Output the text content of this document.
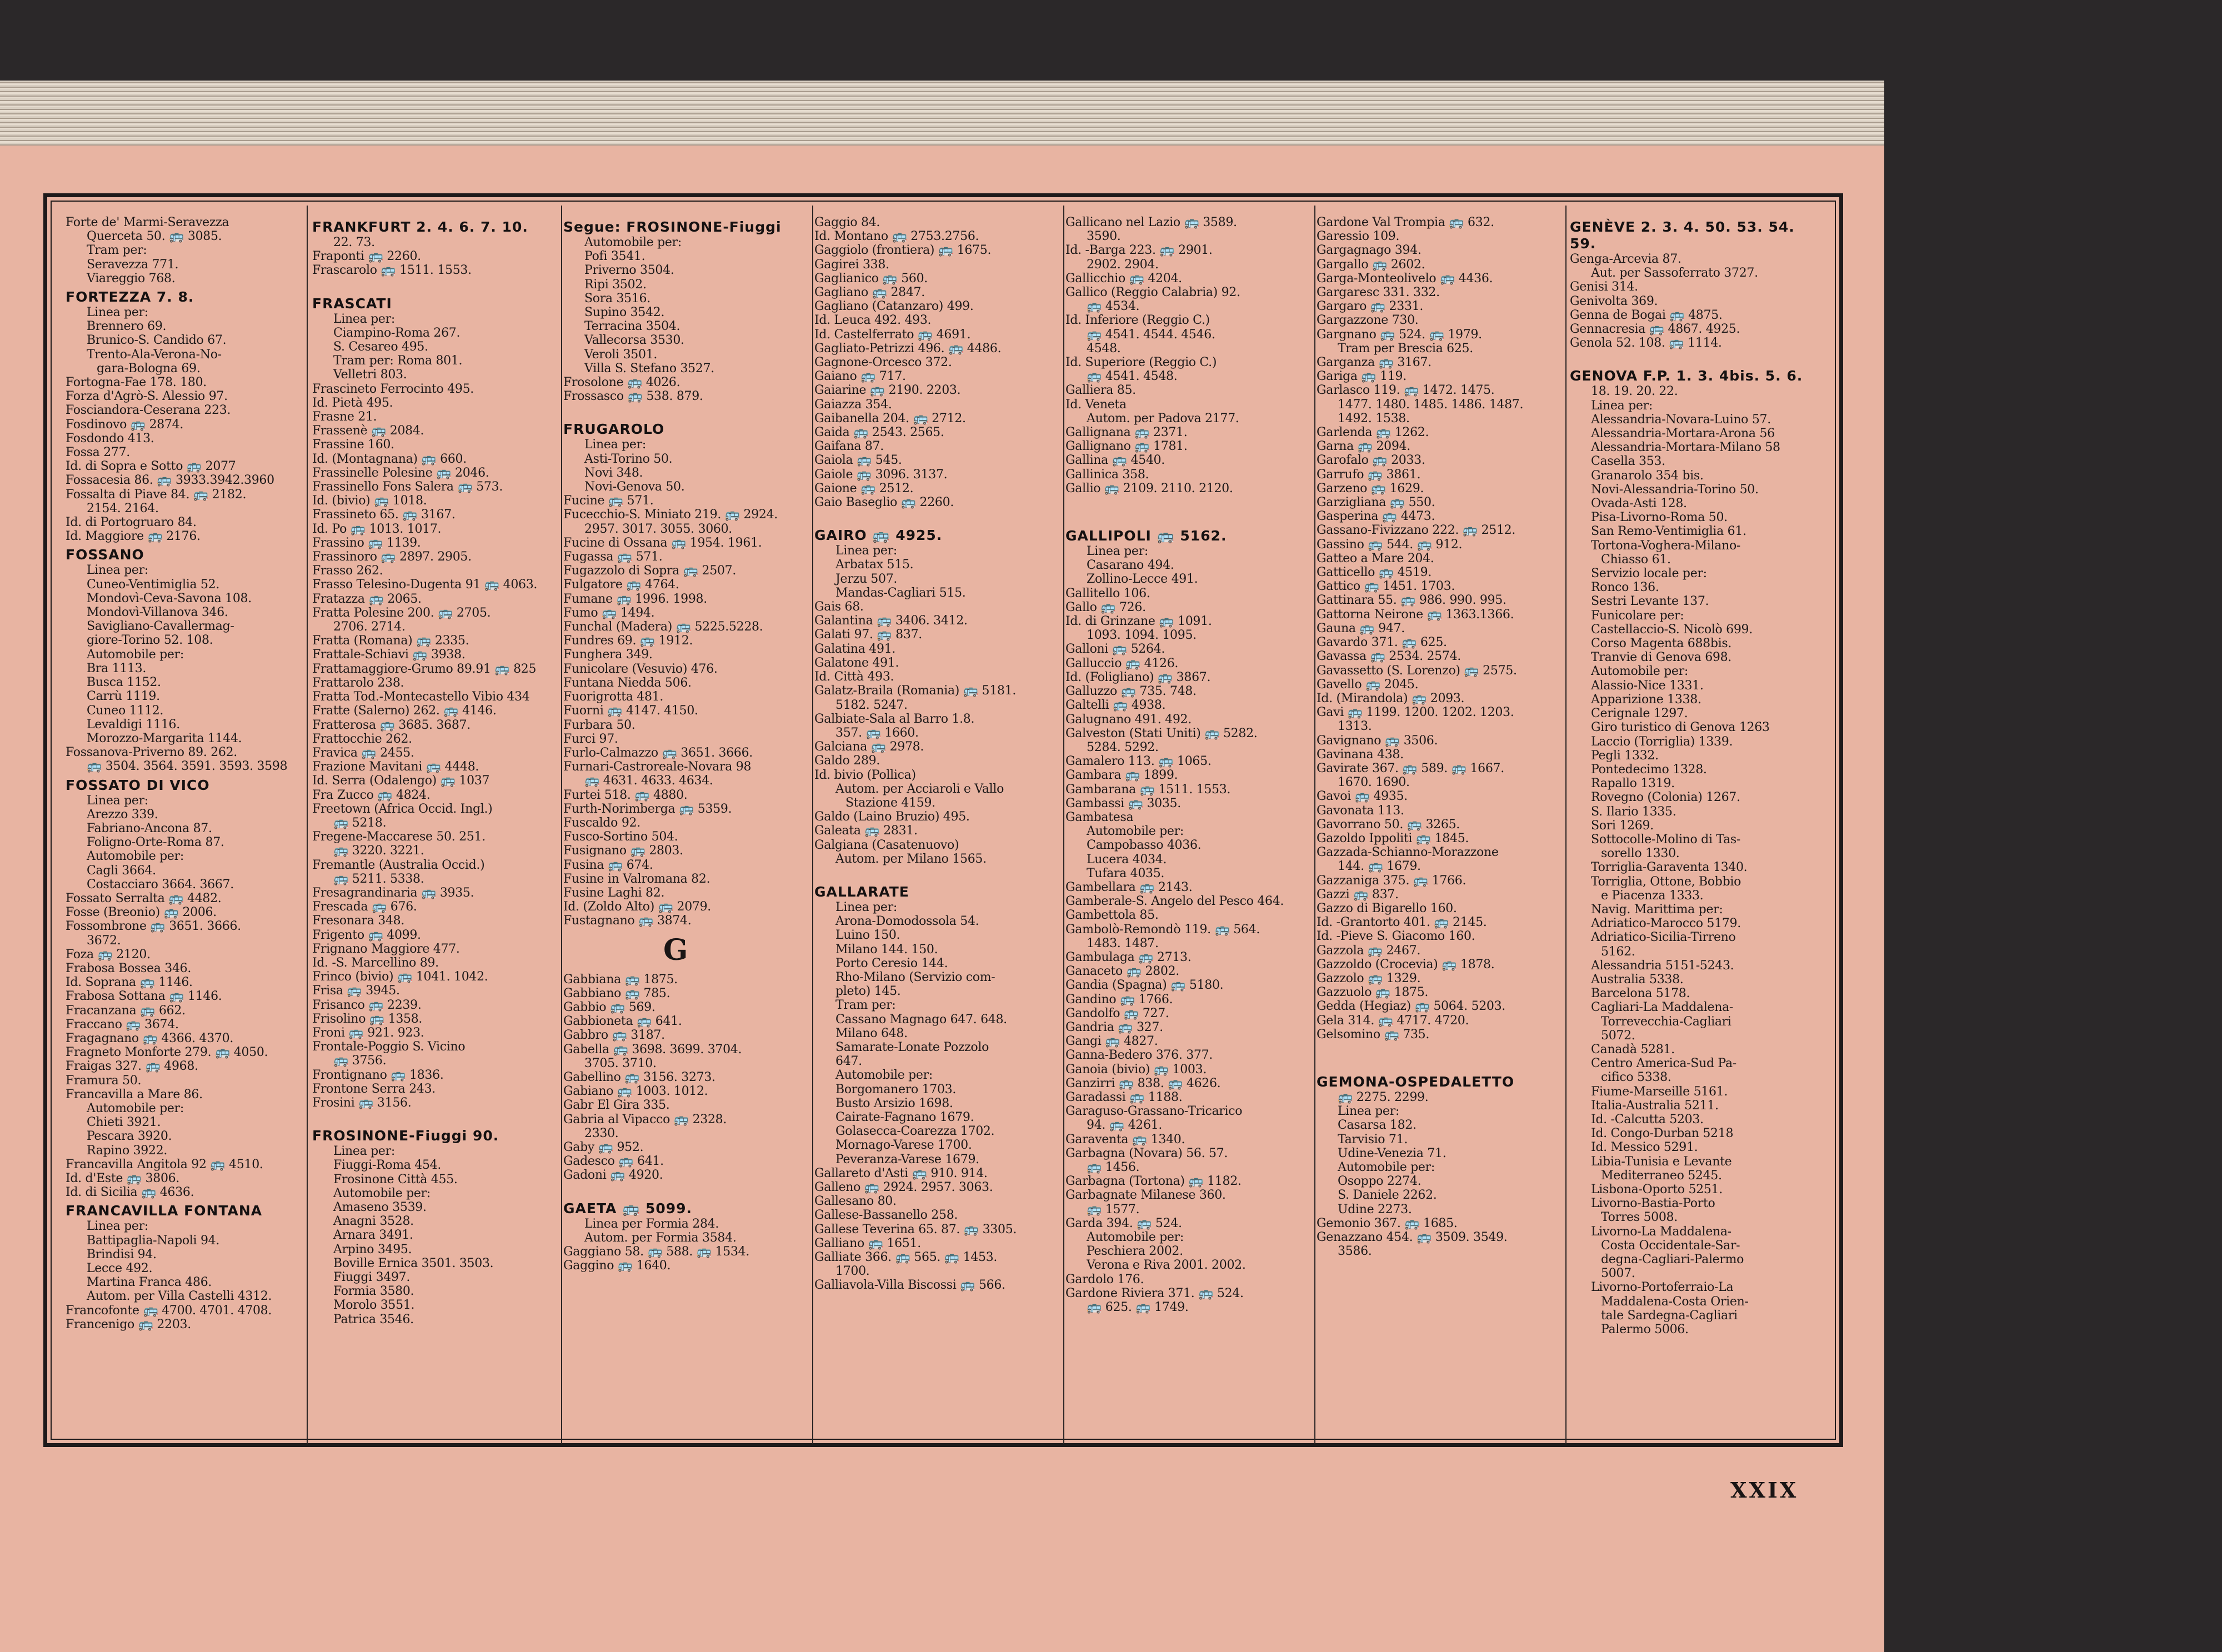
Forte de' Marmi-Seravezza
Querceta 50. 🚌 3085.
Tram per:
Seravezza 771.
Viareggio 768.
FORTEZZA 7. 8.
Linea per:
Brennero 69.
Brunico-S. Candido 67.
Trento-Ala-Verona-No-
gara-Bologna 69.
Fortogna-Fae 178. 180.
Forza d'Agrò-S. Alessio 97.
Fosciandora-Ceserana 223.
Fosdinovo 🚌 2874.
Fosdondo 413.
Fossa 277.
Id. di Sopra e Sotto 🚌 2077
Fossacesia 86. 🚌 3933.3942.3960
Fossalta di Piave 84. 🚌 2182.
2154. 2164.
Id. di Portogruaro 84.
Id. Maggiore 🚌 2176.
FOSSANO
Linea per:
Cuneo-Ventimiglia 52.
Mondovì-Ceva-Savona 108.
Mondovì-Villanova 346.
Savigliano-Cavallermag-
giore-Torino 52. 108.
Automobile per:
Bra 1113.
Busca 1152.
Carrù 1119.
Cuneo 1112.
Levaldigi 1116.
Morozzo-Margarita 1144.
Fossanova-Priverno 89. 262.
🚌 3504. 3564. 3591. 3593. 3598
FOSSATO DI VICO
Linea per:
Arezzo 339.
Fabriano-Ancona 87.
Foligno-Orte-Roma 87.
Automobile per:
Cagli 3664.
Costacciaro 3664. 3667.
Fossato Serralta 🚌 4482.
Fosse (Breonio) 🚌 2006.
Fossombrone 🚌 3651. 3666.
3672.
Foza 🚌 2120.
Frabosa Bossea 346.
Id. Soprana 🚌 1146.
Frabosa Sottana 🚌 1146.
Fracanzana 🚌 662.
Fraccano 🚌 3674.
Fragagnano 🚌 4366. 4370.
Fragneto Monforte 279. 🚌 4050.
Fraigas 327. 🚌 4968.
Framura 50.
Francavilla a Mare 86.
Automobile per:
Chieti 3921.
Pescara 3920.
Rapino 3922.
Francavilla Angitola 92 🚌 4510.
Id. d'Este 🚌 3806.
Id. di Sicilia 🚌 4636.
FRANCAVILLA FONTANA
Linea per:
Battipaglia-Napoli 94.
Brindisi 94.
Lecce 492.
Martina Franca 486.
Autom. per Villa Castelli 4312.
Francofonte 🚌 4700. 4701. 4708.
Francenigo 🚌 2203.
FRANKFURT 2. 4. 6. 7. 10.
22. 73.
Fraponti 🚌 2260.
Frascarolo 🚌 1511. 1553.
FRASCATI
Linea per:
Ciampino-Roma 267.
S. Cesareo 495.
Tram per: Roma 801.
Velletri 803.
Frascineto Ferrocinto 495.
Id. Pietà 495.
Frasne 21.
Frassenè 🚌 2084.
Frassine 160.
Id. (Montagnana) 🚌 660.
Frassinelle Polesine 🚌 2046.
Frassinello Fons Salera 🚌 573.
Id. (bivio) 🚌 1018.
Frassineto 65. 🚌 3167.
Id. Po 🚌 1013. 1017.
Frassino 🚌 1139.
Frassinoro 🚌 2897. 2905.
Frasso 262.
Frasso Telesino-Dugenta 91 🚌 4063.
Fratazza 🚌 2065.
Fratta Polesine 200. 🚌 2705.
2706. 2714.
Fratta (Romana) 🚌 2335.
Frattale-Schiavi 🚌 3938.
Frattamaggiore-Grumo 89.91 🚌 825
Frattarolo 238.
Fratta Tod.-Montecastello Vibio 434
Fratte (Salerno) 262. 🚌 4146.
Fratterosa 🚌 3685. 3687.
Frattocchie 262.
Fravica 🚌 2455.
Frazione Mavitani 🚌 4448.
Id. Serra (Odalengo) 🚌 1037
Fra Zucco 🚌 4824.
Freetown (Africa Occid. Ingl.)
🚌 5218.
Fregene-Maccarese 50. 251.
🚌 3220. 3221.
Fremantle (Australia Occid.)
🚌 5211. 5338.
Fresagrandinaria 🚌 3935.
Frescada 🚌 676.
Fresonara 348.
Frigento 🚌 4099.
Frignano Maggiore 477.
Id. -S. Marcellino 89.
Frinco (bivio) 🚌 1041. 1042.
Frisa 🚌 3945.
Frisanco 🚌 2239.
Frisolino 🚌 1358.
Froni 🚌 921. 923.
Frontale-Poggio S. Vicino
🚌 3756.
Frontignano 🚌 1836.
Frontone Serra 243.
Frosini 🚌 3156.
FROSINONE-Fiuggi 90.
Linea per:
Fiuggi-Roma 454.
Frosinone Città 455.
Automobile per:
Amaseno 3539.
Anagni 3528.
Arnara 3491.
Arpino 3495.
Boville Ernica 3501. 3503.
Fiuggi 3497.
Formia 3580.
Morolo 3551.
Patrica 3546.
Segue: FROSINONE-Fiuggi
Automobile per:
Pofi 3541.
Priverno 3504.
Ripi 3502.
Sora 3516.
Supino 3542.
Terracina 3504.
Vallecorsa 3530.
Veroli 3501.
Villa S. Stefano 3527.
Frosolone 🚌 4026.
Frossasco 🚌 538. 879.
FRUGAROLO
Linea per:
Asti-Torino 50.
Novi 348.
Novi-Genova 50.
Fucine 🚌 571.
Fucecchio-S. Miniato 219. 🚌 2924.
2957. 3017. 3055. 3060.
Fucine di Ossana 🚌 1954. 1961.
Fugassa 🚌 571.
Fugazzolo di Sopra 🚌 2507.
Fulgatore 🚌 4764.
Fumane 🚌 1996. 1998.
Fumo 🚌 1494.
Funchal (Madera) 🚌 5225.5228.
Fundres 69. 🚌 1912.
Funghera 349.
Funicolare (Vesuvio) 476.
Funtana Niedda 506.
Fuorigrotta 481.
Fuorni 🚌 4147. 4150.
Furbara 50.
Furci 97.
Furlo-Calmazzo 🚌 3651. 3666.
Furnari-Castroreale-Novara 98
🚌 4631. 4633. 4634.
Furtei 518. 🚌 4880.
Furth-Norimberga 🚌 5359.
Fuscaldo 92.
Fusco-Sortino 504.
Fusignano 🚌 2803.
Fusina 🚌 674.
Fusine in Valromana 82.
Fusine Laghi 82.
Id. (Zoldo Alto) 🚌 2079.
Fustagnano 🚌 3874.
G
Gabbiana 🚌 1875.
Gabbiano 🚌 785.
Gabbio 🚌 569.
Gabbioneta 🚌 641.
Gabbro 🚌 3187.
Gabella 🚌 3698. 3699. 3704.
3705. 3710.
Gabellino 🚌 3156. 3273.
Gabiano 🚌 1003. 1012.
Gabr El Gira 335.
Gabria al Vipacco 🚌 2328.
2330.
Gaby 🚌 952.
Gadesco 🚌 641.
Gadoni 🚌 4920.
GAETA 🚌 5099.
Linea per Formia 284.
Autom. per Formia 3584.
Gaggiano 58. 🚌 588. 🚌 1534.
Gaggino 🚌 1640.
Gaggio 84.
Id. Montano 🚌 2753.2756.
Gaggiolo (frontiera) 🚌 1675.
Gagirei 338.
Gaglianico 🚌 560.
Gagliano 🚌 2847.
Gagliano (Catanzaro) 499.
Id. Leuca 492. 493.
Id. Castelferrato 🚌 4691.
Gagliato-Petrizzi 496. 🚌 4486.
Gagnone-Orcesco 372.
Gaiano 🚌 717.
Gaiarine 🚌 2190. 2203.
Gaiazza 354.
Gaibanella 204. 🚌 2712.
Gaida 🚌 2543. 2565.
Gaifana 87.
Gaiola 🚌 545.
Gaiole 🚌 3096. 3137.
Gaione 🚌 2512.
Gaio Baseglio 🚌 2260.
GAIRO 🚌 4925.
Linea per:
Arbatax 515.
Jerzu 507.
Mandas-Cagliari 515.
Gais 68.
Galantina 🚌 3406. 3412.
Galati 97. 🚌 837.
Galatina 491.
Galatone 491.
Id. Città 493.
Galatz-Braila (Romania) 🚌 5181.
5182. 5247.
Galbiate-Sala al Barro 1.8.
357. 🚌 1660.
Galciana 🚌 2978.
Galdo 289.
Id. bivio (Pollica)
Autom. per Acciaroli e Vallo
Stazione 4159.
Galdo (Laino Bruzio) 495.
Galeata 🚌 2831.
Galgiana (Casatenuovo)
Autom. per Milano 1565.
GALLARATE
Linea per:
Arona-Domodossola 54.
Luino 150.
Milano 144. 150.
Porto Ceresio 144.
Rho-Milano (Servizio com-
pleto) 145.
Tram per:
Cassano Magnago 647. 648.
Milano 648.
Samarate-Lonate Pozzolo
647.
Automobile per:
Borgomanero 1703.
Busto Arsizio 1698.
Cairate-Fagnano 1679.
Golasecca-Coarezza 1702.
Mornago-Varese 1700.
Peveranza-Varese 1679.
Gallareto d'Asti 🚌 910. 914.
Galleno 🚌 2924. 2957. 3063.
Gallesano 80.
Gallese-Bassanello 258.
Gallese Teverina 65. 87. 🚌 3305.
Galliano 🚌 1651.
Galliate 366. 🚌 565. 🚌 1453.
1700.
Galliavola-Villa Biscossi 🚌 566.
Gallicano nel Lazio 🚌 3589.
3590.
Id. -Barga 223. 🚌 2901.
2902. 2904.
Gallicchio 🚌 4204.
Gallico (Reggio Calabria) 92.
🚌 4534.
Id. Inferiore (Reggio C.)
🚌 4541. 4544. 4546.
4548.
Id. Superiore (Reggio C.)
🚌 4541. 4548.
Galliera 85.
Id. Veneta
Autom. per Padova 2177.
Gallignana 🚌 2371.
Gallignano 🚌 1781.
Gallina 🚌 4540.
Gallinica 358.
Gallio 🚌 2109. 2110. 2120.
GALLIPOLI 🚌 5162.
Linea per:
Casarano 494.
Zollino-Lecce 491.
Gallitello 106.
Gallo 🚌 726.
Id. di Grinzane 🚌 1091.
1093. 1094. 1095.
Galloni 🚌 5264.
Galluccio 🚌 4126.
Id. (Foligliano) 🚌 3867.
Galluzzo 🚌 735. 748.
Galtelli 🚌 4938.
Galugnano 491. 492.
Galveston (Stati Uniti) 🚌 5282.
5284. 5292.
Gamalero 113. 🚌 1065.
Gambara 🚌 1899.
Gambarana 🚌 1511. 1553.
Gambassi 🚌 3035.
Gambatesa
Automobile per:
Campobasso 4036.
Lucera 4034.
Tufara 4035.
Gambellara 🚌 2143.
Gamberale-S. Angelo del Pesco 464.
Gambettola 85.
Gambolò-Remondò 119. 🚌 564.
1483. 1487.
Gambulaga 🚌 2713.
Ganaceto 🚌 2802.
Gandia (Spagna) 🚌 5180.
Gandino 🚌 1766.
Gandolfo 🚌 727.
Gandria 🚌 327.
Gangi 🚌 4827.
Ganna-Bedero 376. 377.
Ganoia (bivio) 🚌 1003.
Ganzirri 🚌 838. 🚌 4626.
Garadassi 🚌 1188.
Garaguso-Grassano-Tricarico
94. 🚌 4261.
Garaventa 🚌 1340.
Garbagna (Novara) 56. 57.
🚌 1456.
Garbagna (Tortona) 🚌 1182.
Garbagnate Milanese 360.
🚌 1577.
Garda 394. 🚌 524.
Automobile per:
Peschiera 2002.
Verona e Riva 2001. 2002.
Gardolo 176.
Gardone Riviera 371. 🚌 524.
🚌 625. 🚌 1749.
Gardone Val Trompia 🚌 632.
Garessio 109.
Gargagnago 394.
Gargallo 🚌 2602.
Garga-Monteolivelo 🚌 4436.
Gargaresc 331. 332.
Gargaro 🚌 2331.
Gargazzone 730.
Gargnano 🚌 524. 🚌 1979.
Tram per Brescia 625.
Garganza 🚌 3167.
Gariga 🚌 119.
Garlasco 119. 🚌 1472. 1475.
1477. 1480. 1485. 1486. 1487.
1492. 1538.
Garlenda 🚌 1262.
Garna 🚌 2094.
Garofalo 🚌 2033.
Garrufo 🚌 3861.
Garzeno 🚌 1629.
Garzigliana 🚌 550.
Gasperina 🚌 4473.
Gassano-Fivizzano 222. 🚌 2512.
Gassino 🚌 544. 🚌 912.
Gatteo a Mare 204.
Gatticello 🚌 4519.
Gattico 🚌 1451. 1703.
Gattinara 55. 🚌 986. 990. 995.
Gattorna Neirone 🚌 1363.1366.
Gauna 🚌 947.
Gavardo 371. 🚌 625.
Gavassa 🚌 2534. 2574.
Gavassetto (S. Lorenzo) 🚌 2575.
Gavello 🚌 2045.
Id. (Mirandola) 🚌 2093.
Gavi 🚌 1199. 1200. 1202. 1203.
1313.
Gavignano 🚌 3506.
Gavinana 438.
Gavirate 367. 🚌 589. 🚌 1667.
1670. 1690.
Gavoi 🚌 4935.
Gavonata 113.
Gavorrano 50. 🚌 3265.
Gazoldo Ippoliti 🚌 1845.
Gazzada-Schianno-Morazzone
144. 🚌 1679.
Gazzaniga 375. 🚌 1766.
Gazzi 🚌 837.
Gazzo di Bigarello 160.
Id. -Grantorto 401. 🚌 2145.
Id. -Pieve S. Giacomo 160.
Gazzola 🚌 2467.
Gazzoldo (Crocevia) 🚌 1878.
Gazzolo 🚌 1329.
Gazzuolo 🚌 1875.
Gedda (Hegiaz) 🚌 5064. 5203.
Gela 314. 🚌 4717. 4720.
Gelsomino 🚌 735.
GEMONA-OSPEDALETTO
🚌 2275. 2299.
Linea per:
Casarsa 182.
Tarvisio 71.
Udine-Venezia 71.
Automobile per:
Osoppo 2274.
S. Daniele 2262.
Udine 2273.
Gemonio 367. 🚌 1685.
Genazzano 454. 🚌 3509. 3549.
3586.
GENÈVE 2. 3. 4. 50. 53. 54. 59.
Genga-Arcevia 87.
Aut. per Sassoferrato 3727.
Genisi 314.
Genivolta 369.
Genna de Bogai 🚌 4875.
Gennacresia 🚌 4867. 4925.
Genola 52. 108. 🚌 1114.
GENOVA F.P. 1. 3. 4bis. 5. 6.
18. 19. 20. 22.
Linea per:
Alessandria-Novara-Luino 57.
Alessandria-Mortara-Arona 56
Alessandria-Mortara-Milano 58
Casella 353.
Granarolo 354 bis.
Novi-Alessandria-Torino 50.
Ovada-Asti 128.
Pisa-Livorno-Roma 50.
San Remo-Ventimiglia 61.
Tortona-Voghera-Milano-
Chiasso 61.
Servizio locale per:
Ronco 136.
Sestri Levante 137.
Funicolare per:
Castellaccio-S. Nicolò 699.
Corso Magenta 688bis.
Tranvie di Genova 698.
Automobile per:
Alassio-Nice 1331.
Apparizione 1338.
Cerignale 1297.
Giro turistico di Genova 1263
Laccio (Torriglia) 1339.
Pegli 1332.
Pontedecimo 1328.
Rapallo 1319.
Rovegno (Colonia) 1267.
S. Ilario 1335.
Sori 1269.
Sottocolle-Molino di Tas-
sorello 1330.
Torriglia-Garaventa 1340.
Torriglia, Ottone, Bobbio
e Piacenza 1333.
Navig. Marittima per:
Adriatico-Marocco 5179.
Adriatico-Sicilia-Tirreno
5162.
Alessandria 5151-5243.
Australia 5338.
Barcelona 5178.
Cagliari-La Maddalena-
Torrevecchia-Cagliari
5072.
Canadà 5281.
Centro America-Sud Pa-
cifico 5338.
Fiume-Marseille 5161.
Italia-Australia 5211.
Id. -Calcutta 5203.
Id. Congo-Durban 5218
Id. Messico 5291.
Libia-Tunisia e Levante
Mediterraneo 5245.
Lisbona-Oporto 5251.
Livorno-Bastia-Porto
Torres 5008.
Livorno-La Maddalena-
Costa Occidentale-Sar-
degna-Cagliari-Palermo
5007.
Livorno-Portoferraio-La
Maddalena-Costa Orien-
tale Sardegna-Cagliari
Palermo 5006.
XXIX
